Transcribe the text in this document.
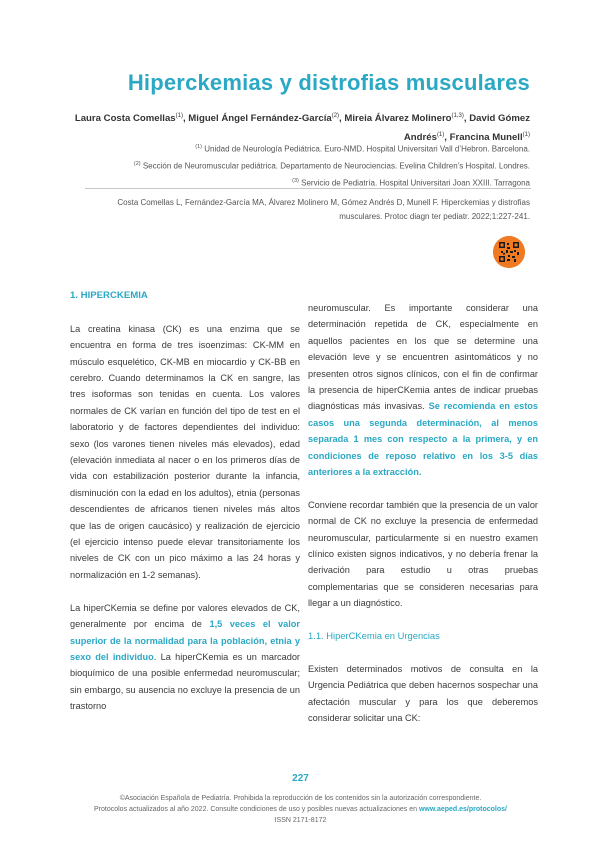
Hiperckemias y distrofias musculares
Laura Costa Comellas$^{(1)}$, Miguel Ángel Fernández-García$^{(2)}$, Mireia Álvarez Molinero$^{(1,3)}$, David Gómez
Andrés$^{(1)}$, Francina Munell$^{(1)}$
$^{(1)}$ Unidad de Neurología Pediátrica. Euro-NMD. Hospital Universitari Vall d’Hebron. Barcelona.
$^{(2)}$ Sección de Neuromuscular pediátrica. Departamento de Neurociencias. Evelina Children’s Hospital. Londres.
$^{(3)}$ Servicio de Pediatría. Hospital Universitari Joan XXIII. Tarragona
Costa Comellas L, Fernández-García MA, Álvarez Molinero M, Gómez Andrés D, Munell F. Hiperckemias y distrofias
musculares. Protoc diagn ter pediatr. 2022;1:227-241.
1. HIPERCKEMIA

La creatina kinasa (CK) es una enzima que se encuentra en forma de tres isoenzimas: CK-MM en músculo esquelético, CK-MB en miocardio y CK-BB en cerebro. Cuando determinamos la CK en sangre, las tres isoformas son tenidas en cuenta. Los valores normales de CK varían en función del tipo de test en el laboratorio y de factores dependientes del individuo: sexo (los varones tienen niveles más elevados), edad (elevación inmediata al nacer o en los primeros días de vida con estabilización posterior durante la infancia, disminución con la edad en los adultos), etnia (personas descendientes de africanos tienen niveles más altos que las de origen caucásico) y realización de ejercicio (el ejercicio intenso puede elevar transitoriamente los niveles de CK con un pico máximo a las 24 horas y normalización en 1-2 semanas).

La hiperCKemia se define por valores elevados de CK, generalmente por encima de 1,5 veces el valor superior de la normalidad para la población, etnia y sexo del individuo. La hiperCKemia es un marcador bioquímico de una posible enfermedad neuromuscular; sin embargo, su ausencia no excluye la presencia de un trastorno

neuromuscular. Es importante considerar una determinación repetida de CK, especialmente en aquellos pacientes en los que se determine una elevación leve y se encuentren asintomáticos y no presenten otros signos clínicos, con el fin de confirmar la presencia de hiperCKemia antes de indicar pruebas diagnósticas más invasivas. Se recomienda en estos casos una segunda determinación, al menos separada 1 mes con respecto a la primera, y en condiciones de reposo relativo en los 3-5 días anteriores a la extracción.

Conviene recordar también que la presencia de un valor normal de CK no excluye la presencia de enfermedad neuromuscular, particularmente si en nuestro examen clínico existen signos indicativos, y no debería frenar la derivación para estudio u otras pruebas complementarias que se consideren necesarias para llegar a un diagnóstico.

1.1. HiperCKemia en Urgencias

Existen determinados motivos de consulta en la Urgencia Pediátrica que deben hacernos sospechar una afectación muscular y para los que deberemos considerar solicitar una CK:

227
©Asociación Española de Pediatría. Prohibida la reproducción de los contenidos sin la autorización correspondiente.
Protocolos actualizados al año 2022. Consulte condiciones de uso y posibles nuevas actualizaciones en www.aeped.es/protocolos/
ISSN 2171-8172
